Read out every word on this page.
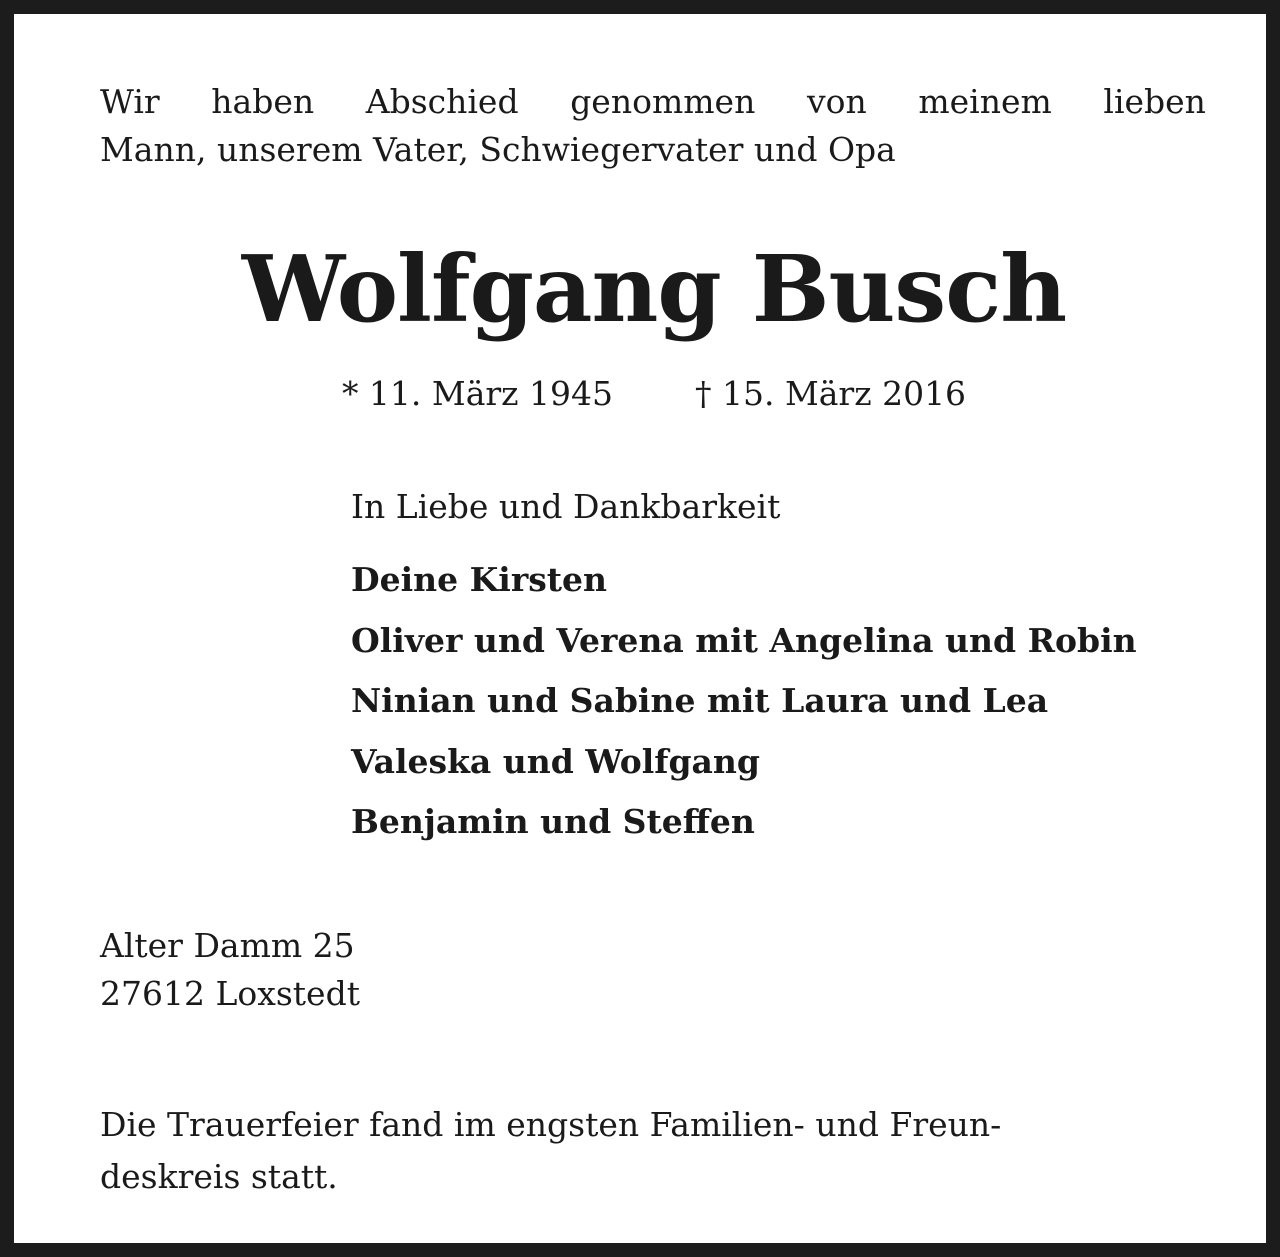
Wir haben Abschied genommen von meinem lieben
Mann, unserem Vater, Schwiegervater und Opa
Wolfgang Busch
* 11. März 1945 † 15. März 2016
In Liebe und Dankbarkeit
Deine Kirsten
Oliver und Verena mit Angelina und Robin
Ninian und Sabine mit Laura und Lea
Valeska und Wolfgang
Benjamin und Steffen
Alter Damm 25
27612 Loxstedt
Die Trauerfeier fand im engsten Familien- und Freun-
deskreis statt.
